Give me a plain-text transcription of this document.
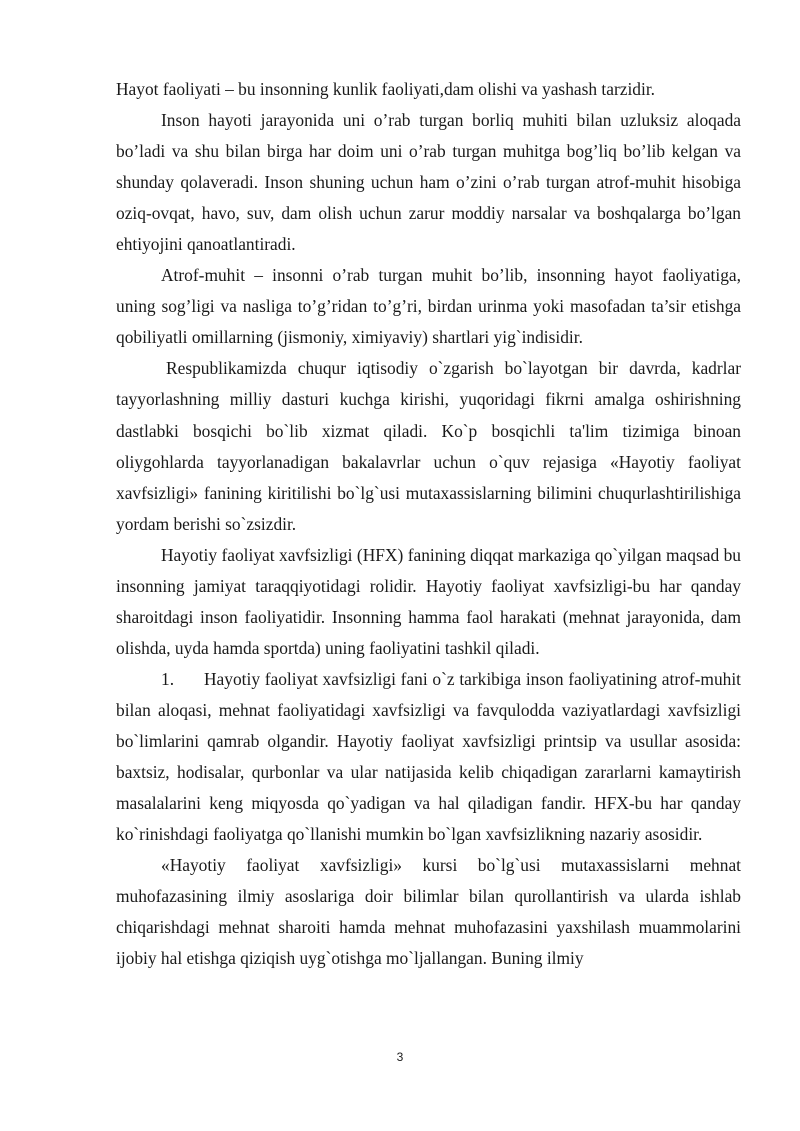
Hayot faoliyati – bu insonning kunlik faoliyati,dam olishi va yashash tarzidir.

Inson hayoti jarayonida uni o’rab turgan borliq muhiti bilan uzluksiz aloqada bo’ladi va shu bilan birga har doim uni o’rab turgan muhitga bog’liq bo’lib kelgan va shunday qolaveradi. Inson shuning uchun ham o’zini o’rab turgan atrof-muhit hisobiga oziq-ovqat, havo, suv, dam olish uchun zarur moddiy narsalar va boshqalarga bo’lgan ehtiyojini qanoatlantiradi.

Atrof-muhit – insonni o’rab turgan muhit bo’lib, insonning hayot faoliyatiga, uning sog’ligi va nasliga to’g’ridan to’g’ri, birdan urinma yoki masofadan ta’sir etishga qobiliyatli omillarning (jismoniy, ximiyaviy) shartlari yig`indisidir.

Respublikamizda chuqur iqtisodiy o`zgarish bo`layotgan bir davrda, kadrlar tayyorlashning milliy dasturi kuchga kirishi, yuqoridagi fikrni amalga oshirishning dastlabki bosqichi bo`lib xizmat qiladi. Ko`p bosqichli ta'lim tizimiga binoan oliygohlarda tayyorlanadigan bakalavrlar uchun o`quv rejasiga «Hayotiy faoliyat xavfsizligi» fanining kiritilishi bo`lg`usi mutaxassislarning bilimini chuqurlashtirilishiga yordam berishi so`zsizdir.

Hayotiy faoliyat xavfsizligi (HFX) fanining diqqat markaziga qo`yilgan maqsad bu insonning jamiyat taraqqiyotidagi rolidir. Hayotiy faoliyat xavfsizligi-bu har qanday sharoitdagi inson faoliyatidir. Insonning hamma faol harakati (mehnat jarayonida, dam olishda, uyda hamda sportda) uning faoliyatini tashkil qiladi.

1. Hayotiy faoliyat xavfsizligi fani o`z tarkibiga inson faoliyatining atrof-muhit bilan aloqasi, mehnat faoliyatidagi xavfsizligi va favqulodda vaziyatlardagi xavfsizligi bo`limlarini qamrab olgandir. Hayotiy faoliyat xavfsizligi printsip va usullar asosida: baxtsiz, hodisalar, qurbonlar va ular natijasida kelib chiqadigan zararlarni kamaytirish masalalarini keng miqyosda qo`yadigan va hal qiladigan fandir. HFX-bu har qanday ko`rinishdagi faoliyatga qo`llanishi mumkin bo`lgan xavfsizlikning nazariy asosidir.

«Hayotiy faoliyat xavfsizligi» kursi bo`lg`usi mutaxassislarni mehnat muhofazasining ilmiy asoslariga doir bilimlar bilan qurollantirish va ularda ishlab chiqarishdagi mehnat sharoiti hamda mehnat muhofazasini yaxshilash muammolarini ijobiy hal etishga qiziqish uyg`otishga mo`ljallangan. Buning ilmiy

3
